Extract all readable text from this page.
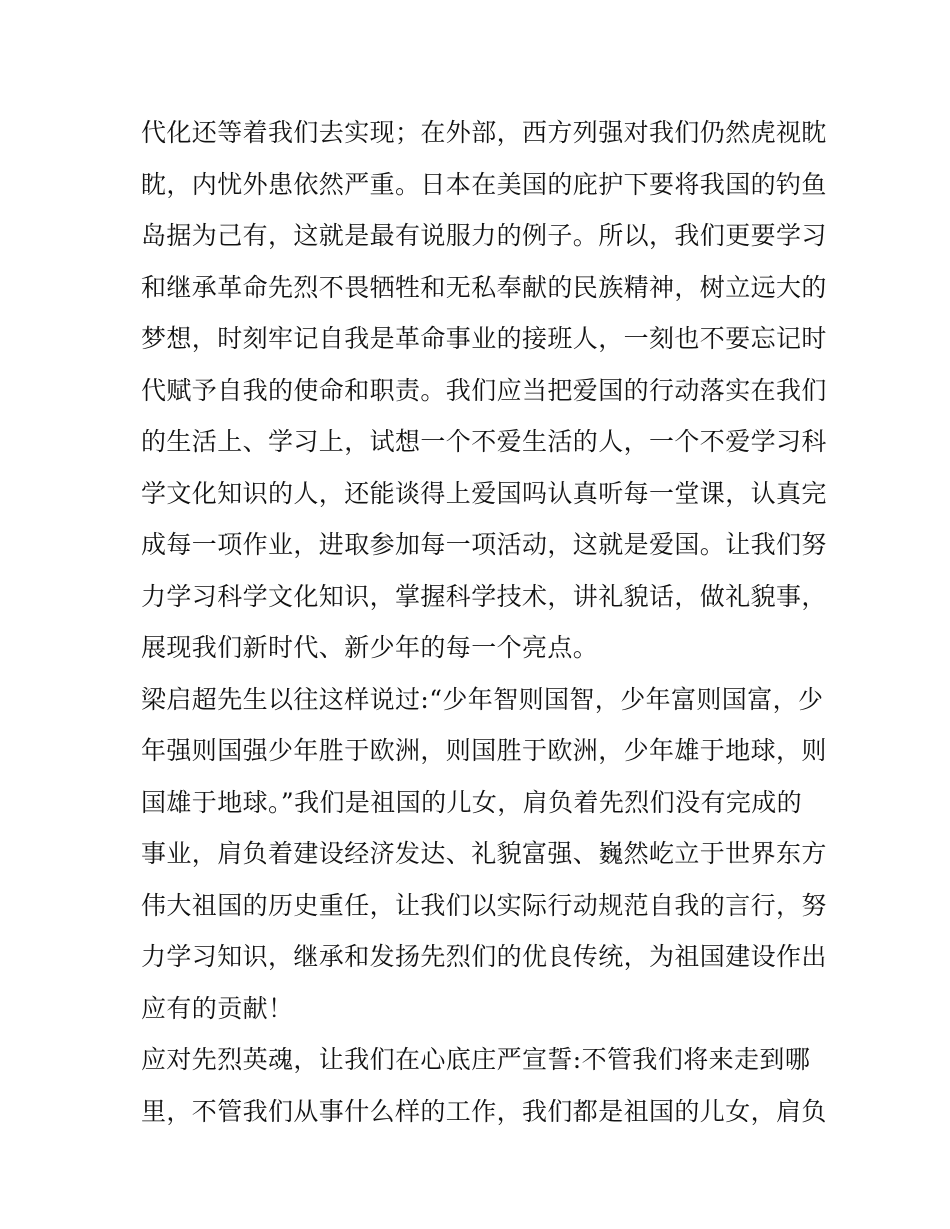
代化还等着我们去实现；在外部，西方列强对我们仍然虎视眈
眈，内忧外患依然严重。日本在美国的庇护下要将我国的钓鱼
岛据为己有，这就是最有说服力的例子。所以，我们更要学习
和继承革命先烈不畏牺牲和无私奉献的民族精神，树立远大的
梦想，时刻牢记自我是革命事业的接班人，一刻也不要忘记时
代赋予自我的使命和职责。我们应当把爱国的行动落实在我们
的生活上、学习上，试想一个不爱生活的人，一个不爱学习科
学文化知识的人，还能谈得上爱国吗认真听每一堂课，认真完
成每一项作业，进取参加每一项活动，这就是爱国。让我们努
力学习科学文化知识，掌握科学技术，讲礼貌话，做礼貌事，
展现我们新时代、新少年的每一个亮点。
梁启超先生以往这样说过:“少年智则国智，少年富则国富，少
年强则国强少年胜于欧洲，则国胜于欧洲，少年雄于地球，则
国雄于地球。”我们是祖国的儿女，肩负着先烈们没有完成的
事业，肩负着建设经济发达、礼貌富强、巍然屹立于世界东方
伟大祖国的历史重任，让我们以实际行动规范自我的言行，努
力学习知识，继承和发扬先烈们的优良传统，为祖国建设作出
应有的贡献！
应对先烈英魂，让我们在心底庄严宣誓:不管我们将来走到哪
里，不管我们从事什么样的工作，我们都是祖国的儿女，肩负
